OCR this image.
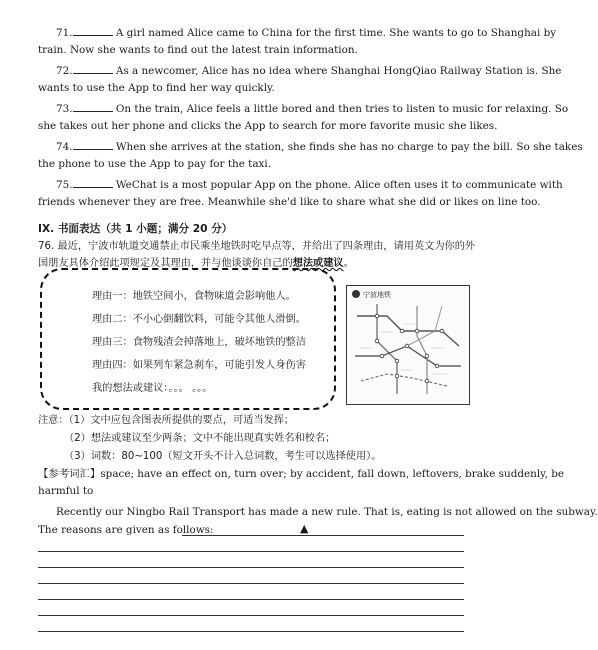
71.	A girl named Alice came to China for the first time. She wants to go to Shanghai by
train. Now she wants to find out the latest train information.
72.	As a newcomer, Alice has no idea where Shanghai HongQiao Railway Station is. She
wants to use the App to find her way quickly.
73.	On the train, Alice feels a little bored and then tries to listen to music for relaxing. So
she takes out her phone and clicks the App to search for more favorite music she likes.
74.	When she arrives at the station, she finds she has no charge to pay the bill. So she takes
the phone to use the App to pay for the taxi.
75.	WeChat is a most popular App on the phone. Alice often uses it to communicate with
friends whenever they are free. Meanwhile she'd like to share what she did or likes on line too.
IX. 书面表达（共 1 小题；满分 20 分）
76. 最近，宁波市轨道交通禁止市民乘坐地铁时吃早点等，并给出了四条理由，请用英文为你的外
国朋友具体介绍此项规定及其理由，并与他谈谈你自己的想法或建议。
理由一：地铁空间小，食物味道会影响他人。
理由二：不小心倒翻饮料，可能令其他人滑倒。
理由三：食物残渣会掉落地上，破坏地铁的整洁
理由四：如果列车紧急刹车，可能引发人身伤害
我的想法或建议：。。。 。。。
宁波地铁
注意：（1）文中应包含图表所提供的要点，可适当发挥；
（2）想法或建议至少两条；文中不能出现真实姓名和校名；
（3）词数：80~100（短文开头不计入总词数，考生可以选择使用）。
【参考词汇】space; have an effect on, turn over; by accident, fall down, leftovers, brake suddenly, be
harmful to
Recently our Ningbo Rail Transport has made a new rule. That is, eating is not allowed on the subway.
The reasons are given as follows:	▲
